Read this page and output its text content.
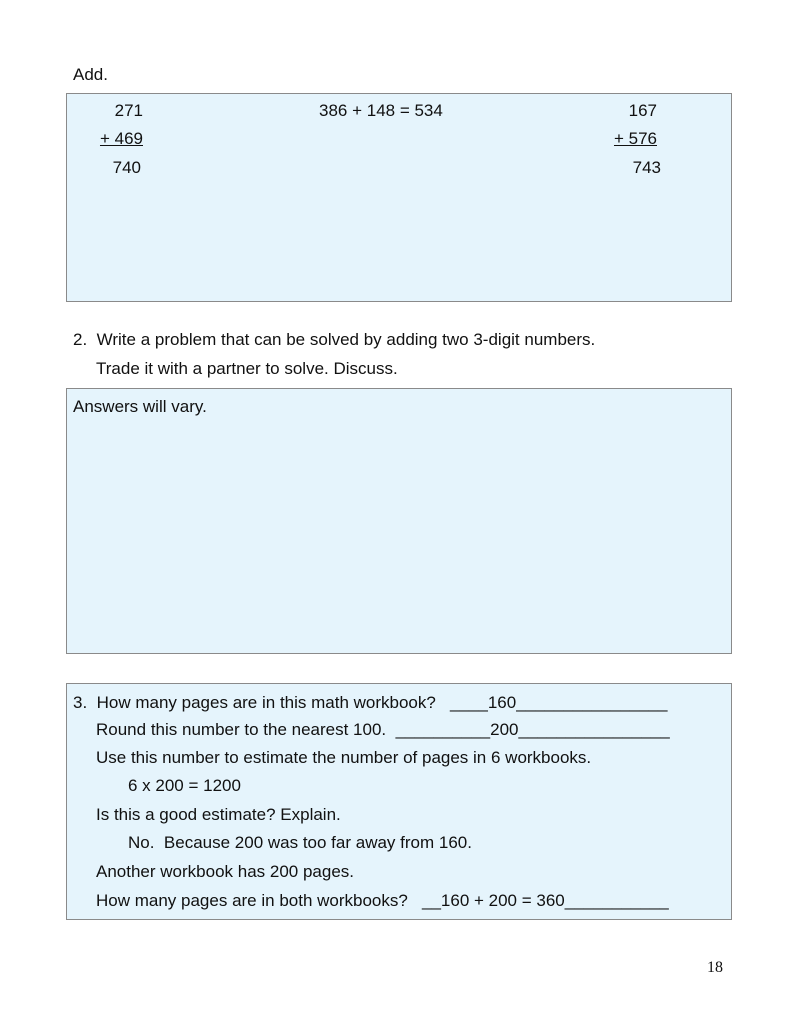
Add.
271
+ 469
740
386 + 148 = 534	167
+ 576
743
2.  Write a problem that can be solved by adding two 3-digit numbers.
Trade it with a partner to solve. Discuss.
Answers will vary.
3.  How many pages are in this math workbook?   ____160________________
Round this number to the nearest 100.  __________200________________
Use this number to estimate the number of pages in 6 workbooks.
6 x 200 = 1200
Is this a good estimate? Explain.
No.  Because 200 was too far away from 160.
Another workbook has 200 pages.
How many pages are in both workbooks?   __160 + 200 = 360___________
18
